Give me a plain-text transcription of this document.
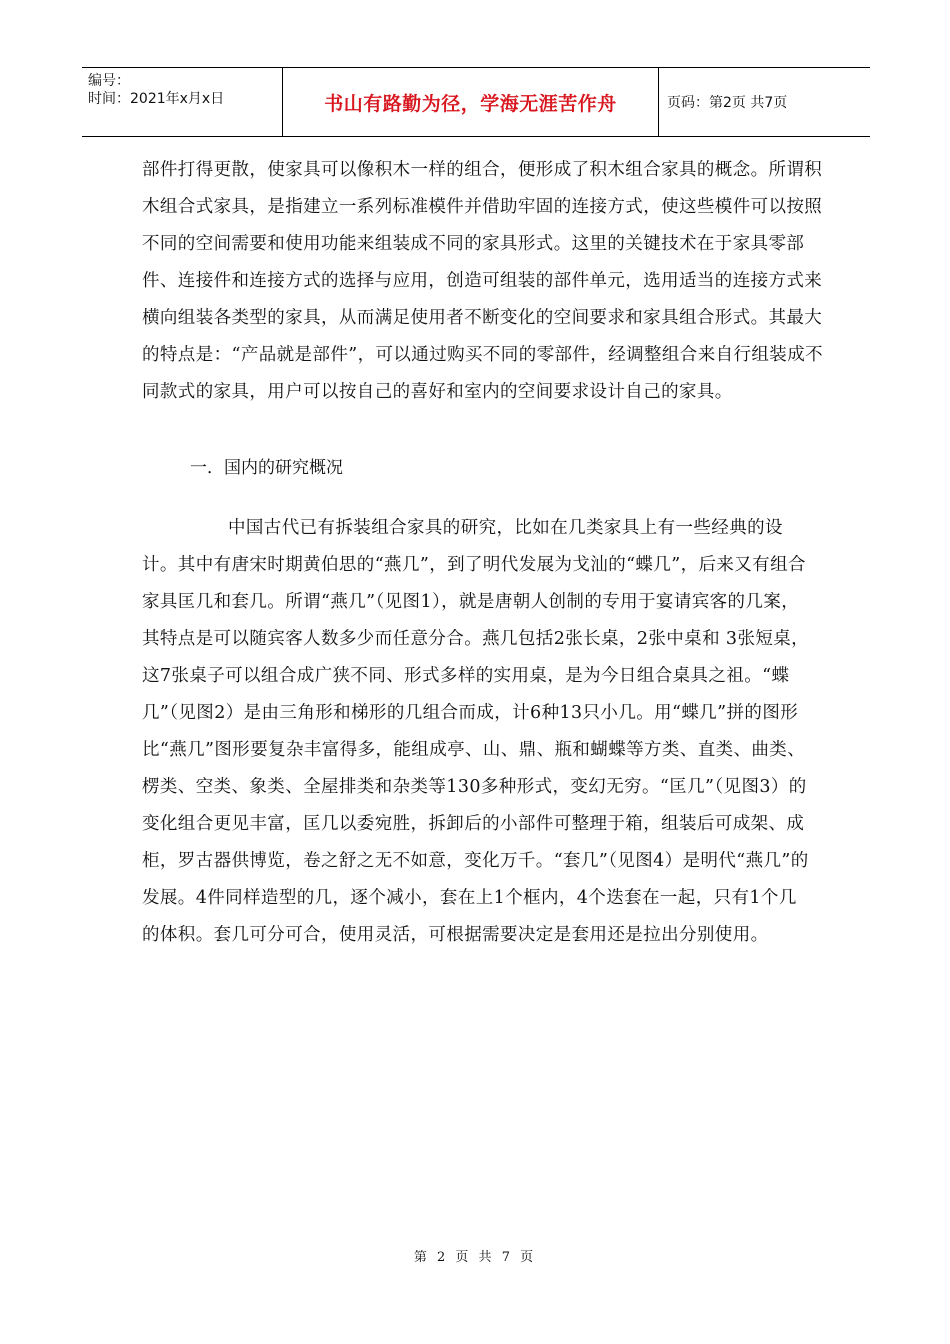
编号：
时间：2021年x月x日	书山有路勤为径，学海无涯苦作舟	页码：第2页 共7页

部件打得更散，使家具可以像积木一样的组合，便形成了积木组合家具的概念。所谓积木组合式家具，是指建立一系列标准模件并借助牢固的连接方式，使这些模件可以按照不同的空间需要和使用功能来组装成不同的家具形式。这里的关键技术在于家具零部件、连接件和连接方式的选择与应用，创造可组装的部件单元，选用适当的连接方式来横向组装各类型的家具，从而满足使用者不断变化的空间要求和家具组合形式。其最大的特点是：“产品就是部件”，可以通过购买不同的零部件，经调整组合来自行组装成不同款式的家具，用户可以按自己的喜好和室内的空间要求设计自己的家具。

一．国内的研究概况

中国古代已有拆装组合家具的研究，比如在几类家具上有一些经典的设计。其中有唐宋时期黄伯思的“燕几”，到了明代发展为戈汕的“蝶几”，后来又有组合家具匡几和套几。所谓“燕几”（见图1），就是唐朝人创制的专用于宴请宾客的几案，其特点是可以随宾客人数多少而任意分合。燕几包括2张长桌，2张中桌和 3张短桌，这7张桌子可以组合成广狭不同、形式多样的实用桌，是为今日组合桌具之祖。“蝶几”（见图2）是由三角形和梯形的几组合而成，计6种13只小几。用“蝶几”拼的图形比“燕几”图形要复杂丰富得多，能组成亭、山、鼎、瓶和蝴蝶等方类、直类、曲类、楞类、空类、象类、全屋排类和杂类等130多种形式，变幻无穷。“匡几”（见图3）的变化组合更见丰富，匡几以委宛胜，拆卸后的小部件可整理于箱，组装后可成架、成柜，罗古器供博览，卷之舒之无不如意，变化万千。“套几”（见图4）是明代“燕几”的发展。4件同样造型的几，逐个减小，套在上1个框内，4个迭套在一起，只有1个几的体积。套几可分可合，使用灵活，可根据需要决定是套用还是拉出分别使用。

第 2 页 共 7 页
